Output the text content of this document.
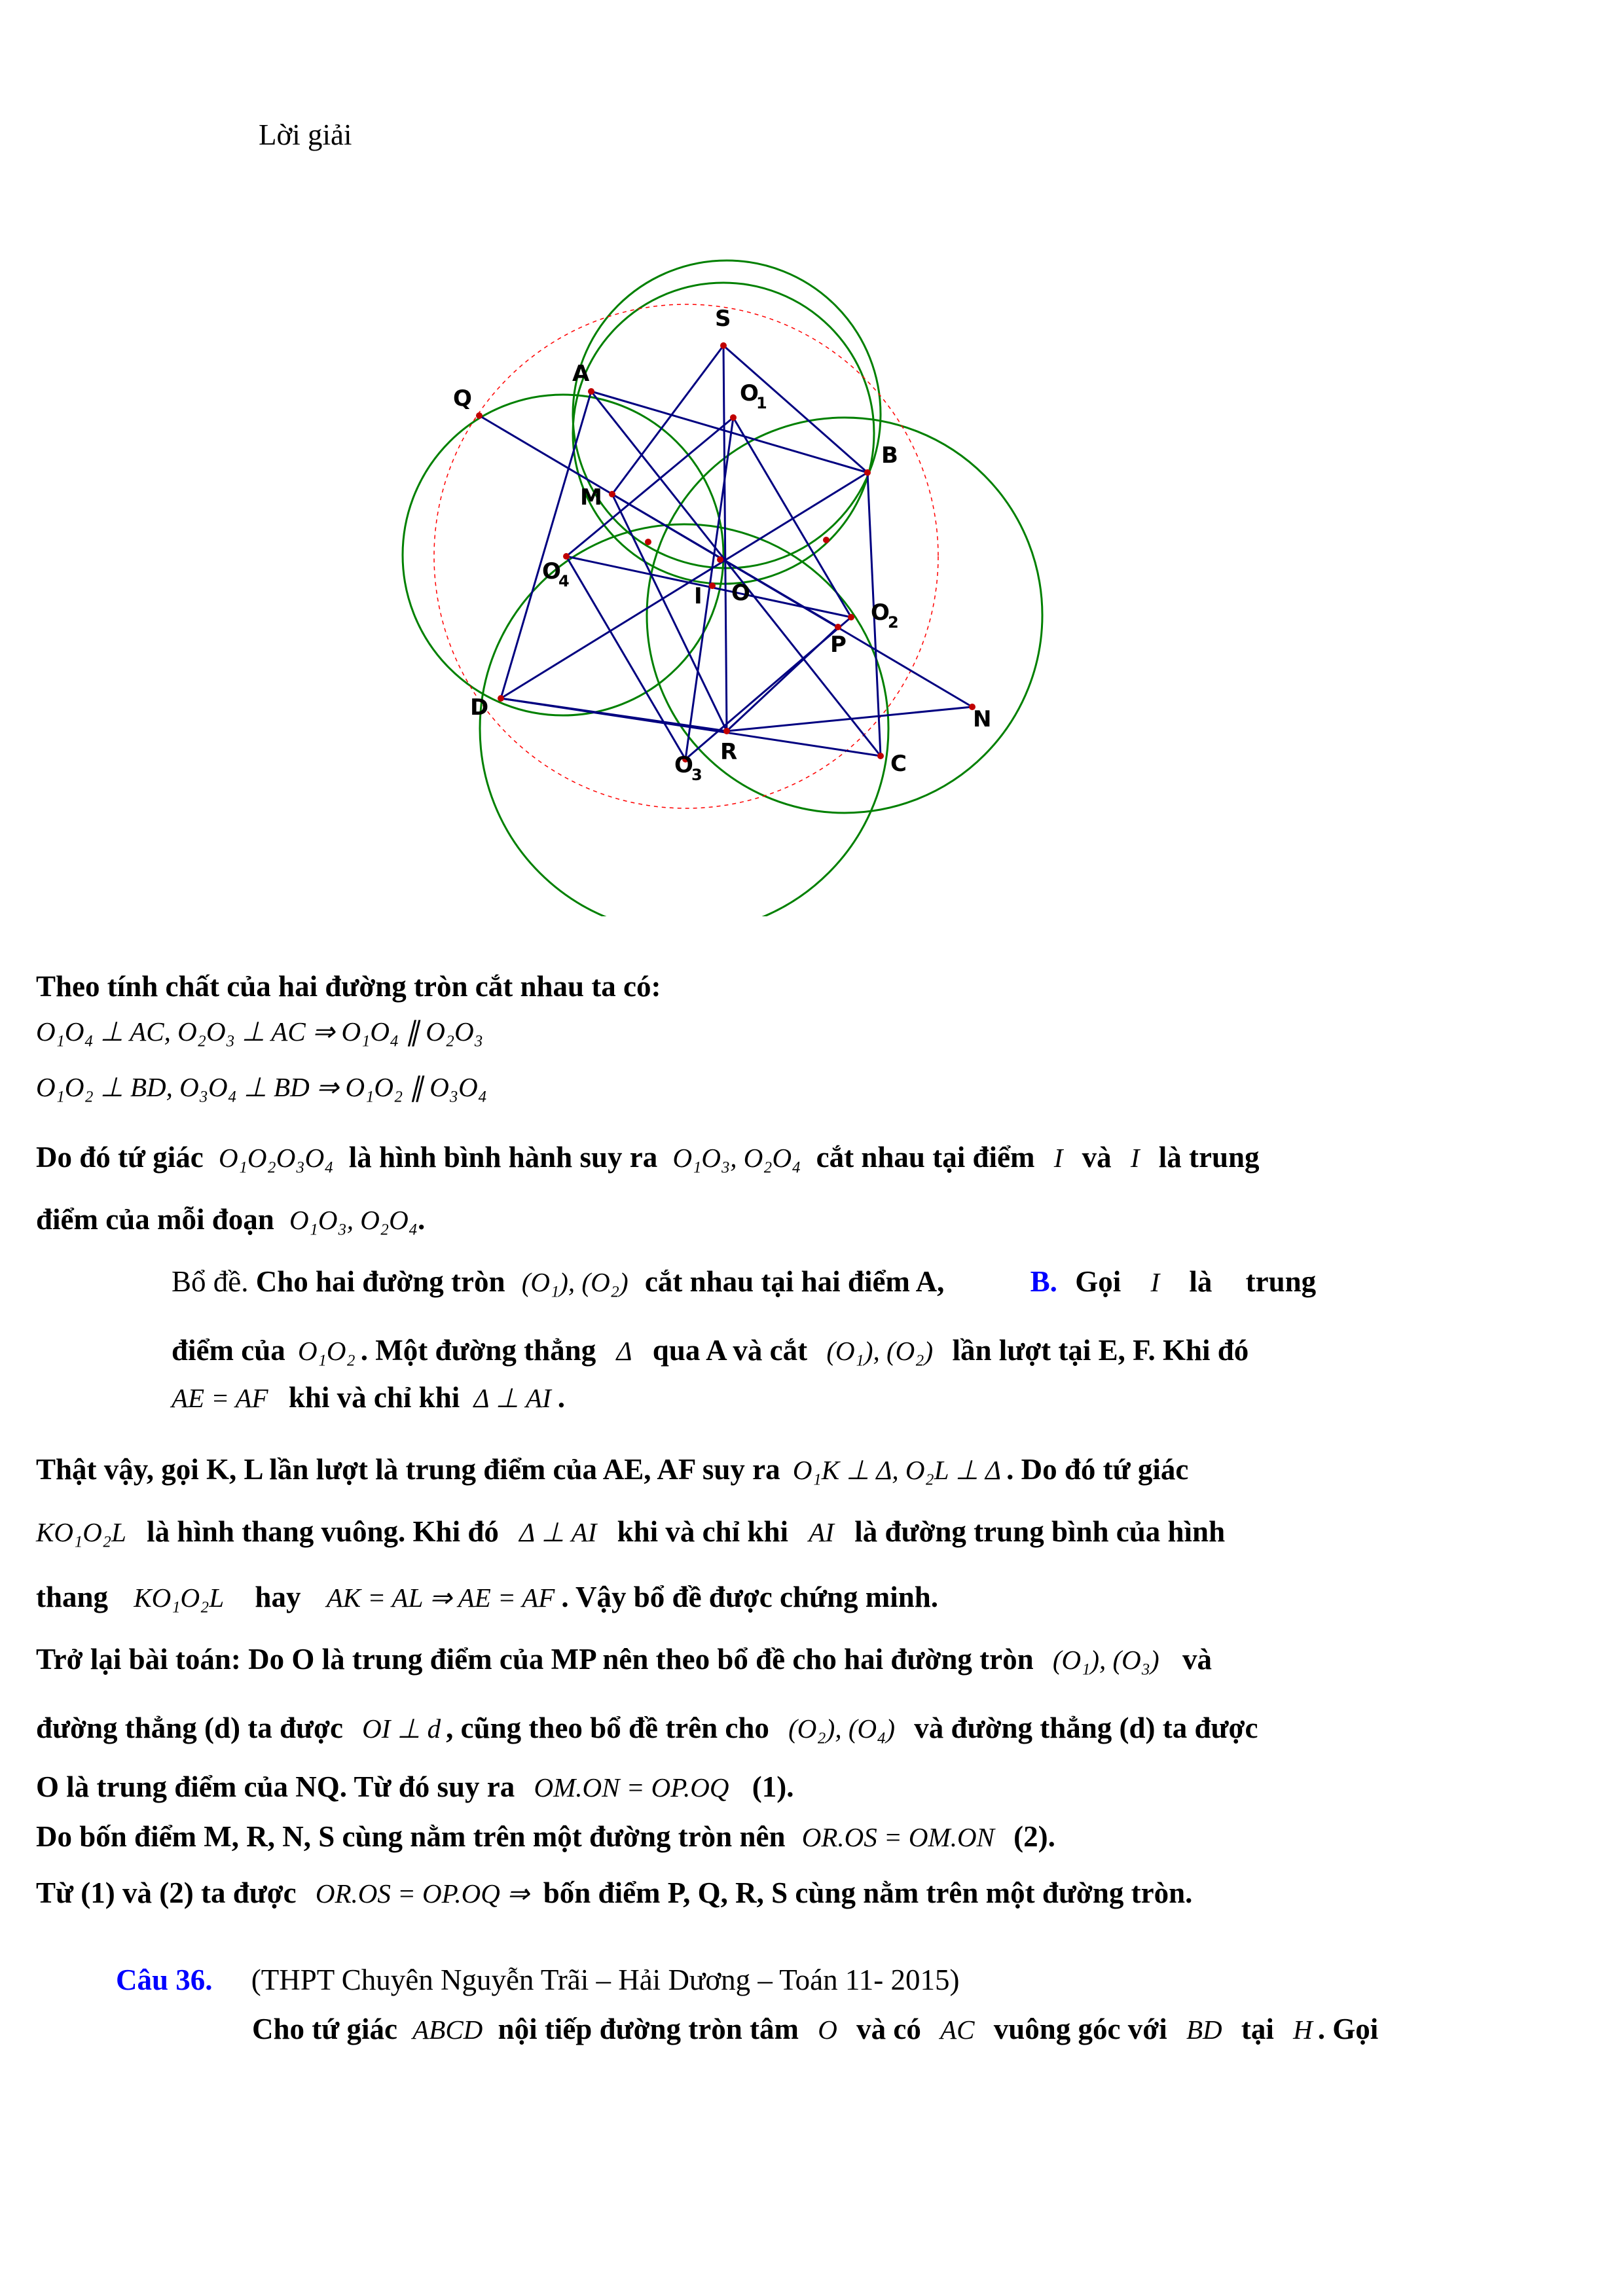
Lời giải
S
A
Q	O
1
B
M
O
4
I O
O
2
P
D	N
O
3
R	C
Theo tính chất của hai đường tròn cắt nhau ta có:
O₁O₄ ⊥ AC, O₂O₃ ⊥ AC ⇒ O₁O₄ ∥ O₂O₃
O₁O₂ ⊥ BD, O₃O₄ ⊥ BD ⇒ O₁O₂ ∥ O₃O₄
Do đó tứ giác O₁O₂O₃O₄ là hình bình hành suy ra O₁O₃, O₂O₄ cắt nhau tại điểm I và I là trung
điểm của mỗi đoạn O₁O₃, O₂O₄.
Bổ đề. Cho hai đường tròn (O₁), (O₂) cắt nhau tại hai điểm A,	B. Gọi I là trung
điểm của O₁O₂ . Một đường thẳng Δ qua A và cắt (O₁), (O₂) lần lượt tại E, F. Khi đó
AE = AF khi và chỉ khi Δ ⊥ AI .
Thật vậy, gọi K, L lần lượt là trung điểm của AE, AF suy ra O₁K ⊥ Δ, O₂L ⊥ Δ . Do đó tứ giác
KO₁O₂L là hình thang vuông. Khi đó Δ ⊥ AI khi và chỉ khi AI là đường trung bình của hình
thang KO₁O₂L hay AK = AL ⇒ AE = AF . Vậy bổ đề được chứng minh.
Trở lại bài toán: Do O là trung điểm của MP nên theo bổ đề cho hai đường tròn (O₁), (O₃) và
đường thẳng (d) ta được OI ⊥ d , cũng theo bổ đề trên cho (O₂), (O₄) và đường thẳng (d) ta được
O là trung điểm của NQ. Từ đó suy ra OM.ON = OP.OQ (1).
Do bốn điểm M, R, N, S cùng nằm trên một đường tròn nên OR.OS = OM.ON (2).
Từ (1) và (2) ta được OR.OS = OP.OQ ⇒ bốn điểm P, Q, R, S cùng nằm trên một đường tròn.
Câu 36. (THPT Chuyên Nguyễn Trãi – Hải Dương – Toán 11- 2015)
Cho tứ giác ABCD nội tiếp đường tròn tâm O và có AC vuông góc với BD tại H . Gọi
